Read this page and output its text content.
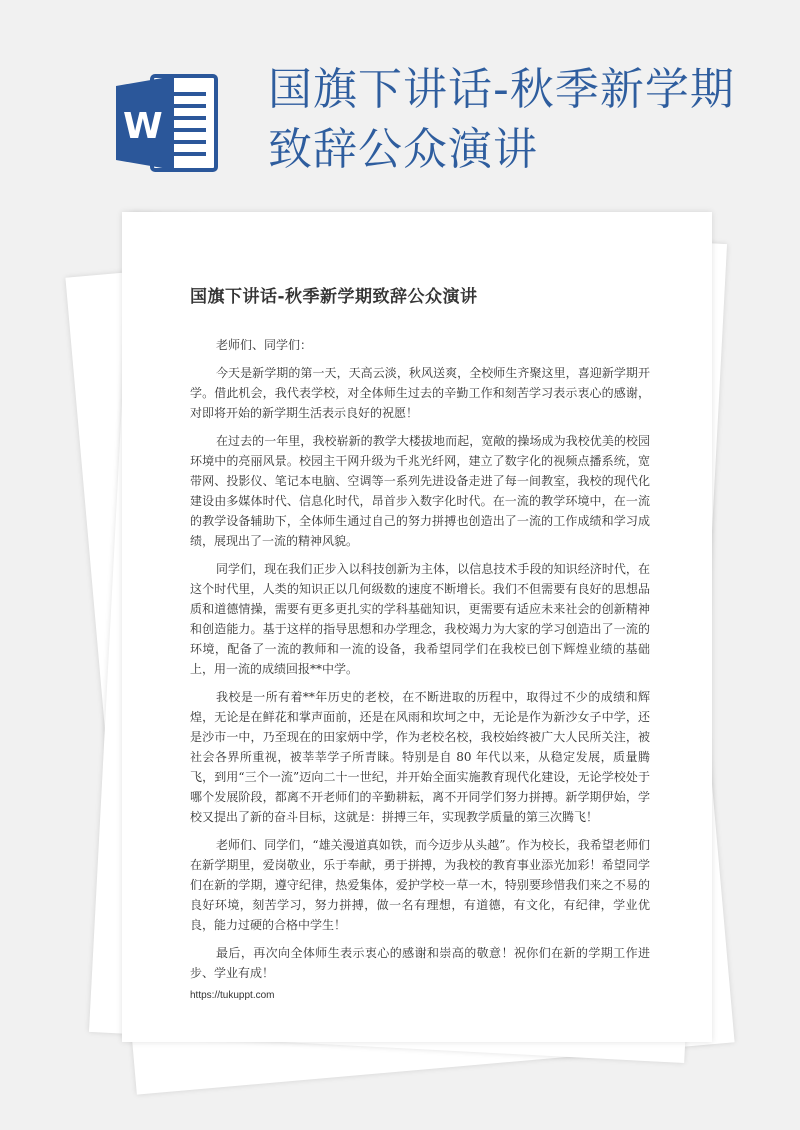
W
国旗下讲话-秋季新学期致辞公众演讲
国旗下讲话-秋季新学期致辞公众演讲

老师们、同学们：

今天是新学期的第一天，天高云淡，秋风送爽，全校师生齐聚这里，喜迎新学期开学。借此机会，我代表学校，对全体师生过去的辛勤工作和刻苦学习表示衷心的感谢，对即将开始的新学期生活表示良好的祝愿！

在过去的一年里，我校崭新的教学大楼拔地而起，宽敞的操场成为我校优美的校园环境中的亮丽风景。校园主干网升级为千兆光纤网，建立了数字化的视频点播系统，宽带网、投影仪、笔记本电脑、空调等一系列先进设备走进了每一间教室，我校的现代化建设由多媒体时代、信息化时代，昂首步入数字化时代。在一流的教学环境中，在一流的教学设备辅助下，全体师生通过自己的努力拼搏也创造出了一流的工作成绩和学习成绩，展现出了一流的精神风貌。

同学们，现在我们正步入以科技创新为主体，以信息技术手段的知识经济时代，在这个时代里，人类的知识正以几何级数的速度不断增长。我们不但需要有良好的思想品质和道德情操，需要有更多更扎实的学科基础知识，更需要有适应未来社会的创新精神和创造能力。基于这样的指导思想和办学理念，我校竭力为大家的学习创造出了一流的环境，配备了一流的教师和一流的设备，我希望同学们在我校已创下辉煌业绩的基础上，用一流的成绩回报**中学。

我校是一所有着**年历史的老校，在不断进取的历程中，取得过不少的成绩和辉煌，无论是在鲜花和掌声面前，还是在风雨和坎坷之中，无论是作为新沙女子中学，还是沙市一中，乃至现在的田家炳中学，作为老校名校，我校始终被广大人民所关注，被社会各界所重视，被莘莘学子所青睐。特别是自 80 年代以来，从稳定发展，质量腾飞，到用“三个一流”迈向二十一世纪，并开始全面实施教育现代化建设，无论学校处于哪个发展阶段，都离不开老师们的辛勤耕耘，离不开同学们努力拼搏。新学期伊始，学校又提出了新的奋斗目标，这就是：拼搏三年，实现教学质量的第三次腾飞！

老师们、同学们，“雄关漫道真如铁，而今迈步从头越”。作为校长，我希望老师们在新学期里，爱岗敬业，乐于奉献，勇于拼搏，为我校的教育事业添光加彩！希望同学们在新的学期，遵守纪律，热爱集体，爱护学校一草一木，特别要珍惜我们来之不易的良好环境，刻苦学习，努力拼搏，做一名有理想，有道德，有文化，有纪律，学业优良，能力过硬的合格中学生！

最后，再次向全体师生表示衷心的感谢和崇高的敬意！祝你们在新的学期工作进步、学业有成！

https://tukuppt.com
